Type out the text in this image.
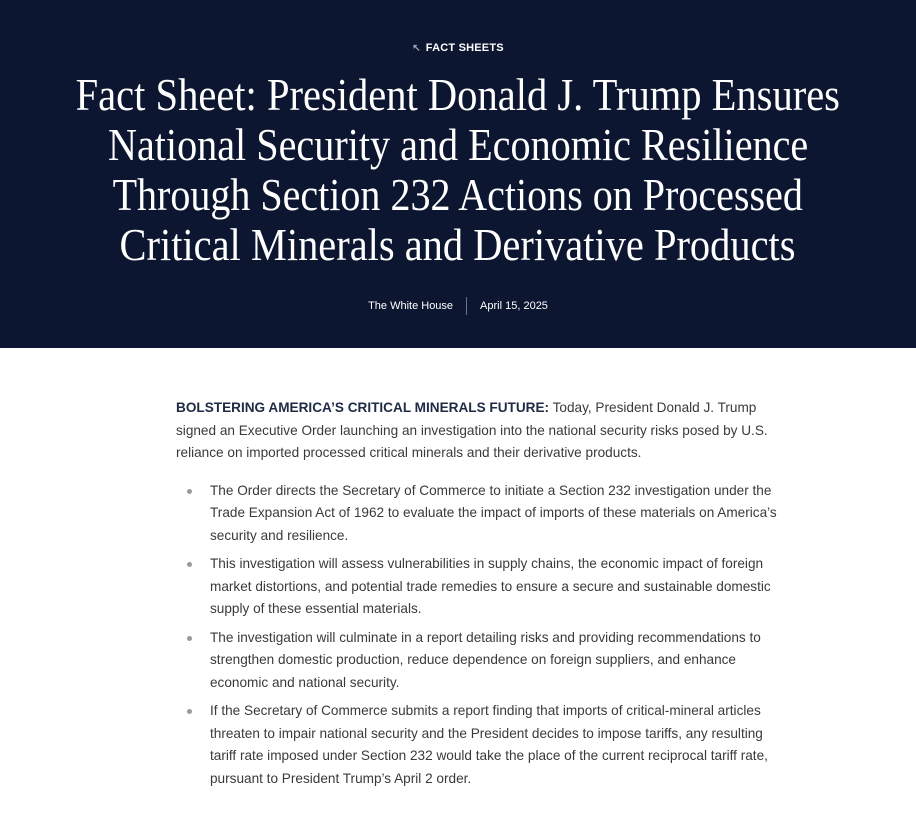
↖ FACT SHEETS
Fact Sheet: President Donald J. Trump Ensures
National Security and Economic Resilience
Through Section 232 Actions on Processed
Critical Minerals and Derivative Products
The White House April 15, 2025

BOLSTERING AMERICA’S CRITICAL MINERALS FUTURE: Today, President Donald J. Trump signed an Executive Order launching an investigation into the national security risks posed by U.S. reliance on imported processed critical minerals and their derivative products.

The Order directs the Secretary of Commerce to initiate a Section 232 investigation under the Trade Expansion Act of 1962 to evaluate the impact of imports of these materials on America’s security and resilience.
This investigation will assess vulnerabilities in supply chains, the economic impact of foreign market distortions, and potential trade remedies to ensure a secure and sustainable domestic supply of these essential materials.
The investigation will culminate in a report detailing risks and providing recommendations to strengthen domestic production, reduce dependence on foreign suppliers, and enhance economic and national security.
If the Secretary of Commerce submits a report finding that imports of critical-mineral articles threaten to impair national security and the President decides to impose tariffs, any resulting tariff rate imposed under Section 232 would take the place of the current reciprocal tariff rate, pursuant to President Trump’s April 2 order.
